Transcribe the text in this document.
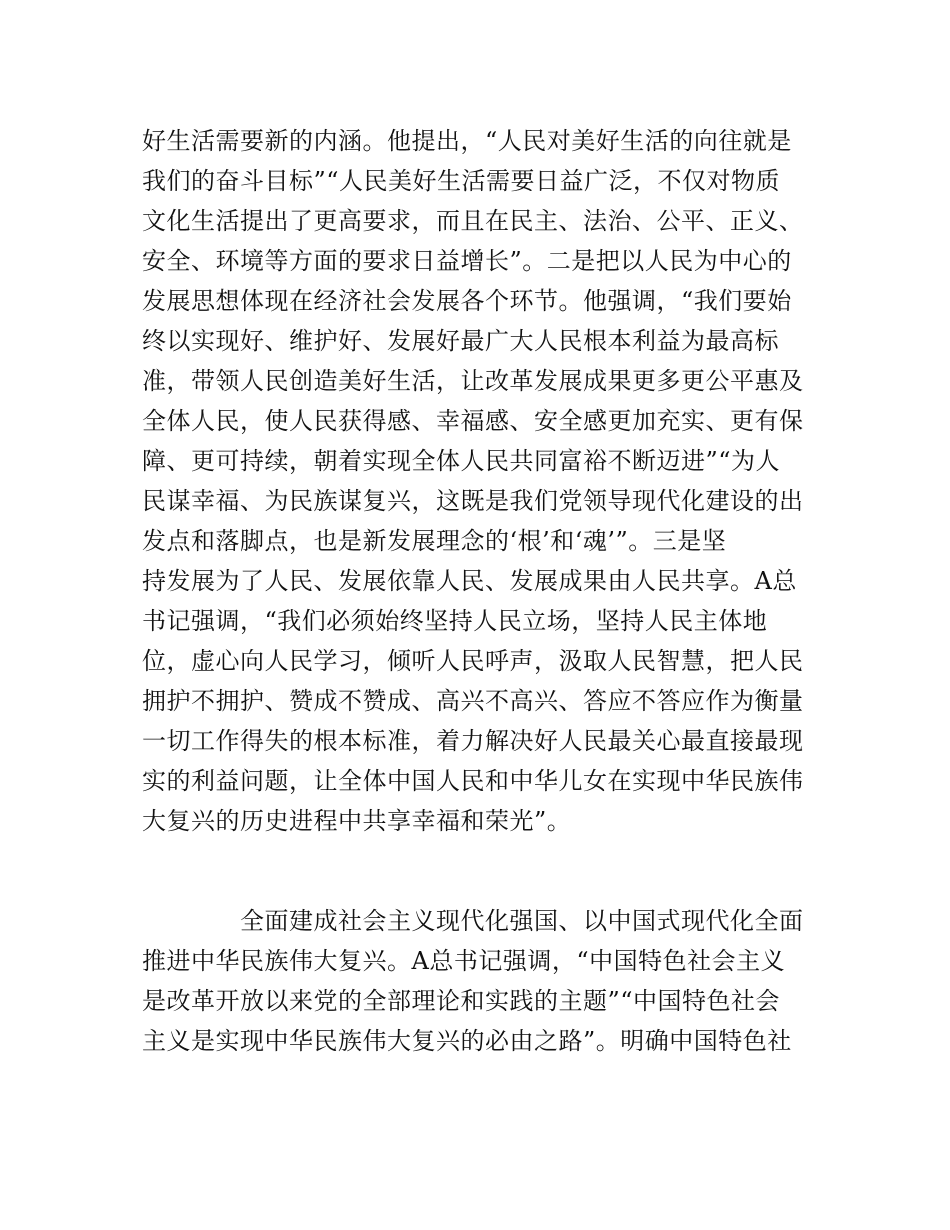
好生活需要新的内涵。他提出，“人民对美好生活的向往就是
我们的奋斗目标”“人民美好生活需要日益广泛，不仅对物质
文化生活提出了更高要求，而且在民主、法治、公平、正义、
安全、环境等方面的要求日益增长”。二是把以人民为中心的
发展思想体现在经济社会发展各个环节。他强调，“我们要始
终以实现好、维护好、发展好最广大人民根本利益为最高标
准，带领人民创造美好生活，让改革发展成果更多更公平惠及
全体人民，使人民获得感、幸福感、安全感更加充实、更有保
障、更可持续，朝着实现全体人民共同富裕不断迈进”“为人
民谋幸福、为民族谋复兴，这既是我们党领导现代化建设的出
发点和落脚点，也是新发展理念的‘根’和‘魂’”。三是坚
持发展为了人民、发展依靠人民、发展成果由人民共享。A总
书记强调，“我们必须始终坚持人民立场，坚持人民主体地
位，虚心向人民学习，倾听人民呼声，汲取人民智慧，把人民
拥护不拥护、赞成不赞成、高兴不高兴、答应不答应作为衡量
一切工作得失的根本标准，着力解决好人民最关心最直接最现
实的利益问题，让全体中国人民和中华儿女在实现中华民族伟
大复兴的历史进程中共享幸福和荣光”。
全面建成社会主义现代化强国、以中国式现代化全面
推进中华民族伟大复兴。A总书记强调，“中国特色社会主义
是改革开放以来党的全部理论和实践的主题”“中国特色社会
主义是实现中华民族伟大复兴的必由之路”。明确中国特色社
